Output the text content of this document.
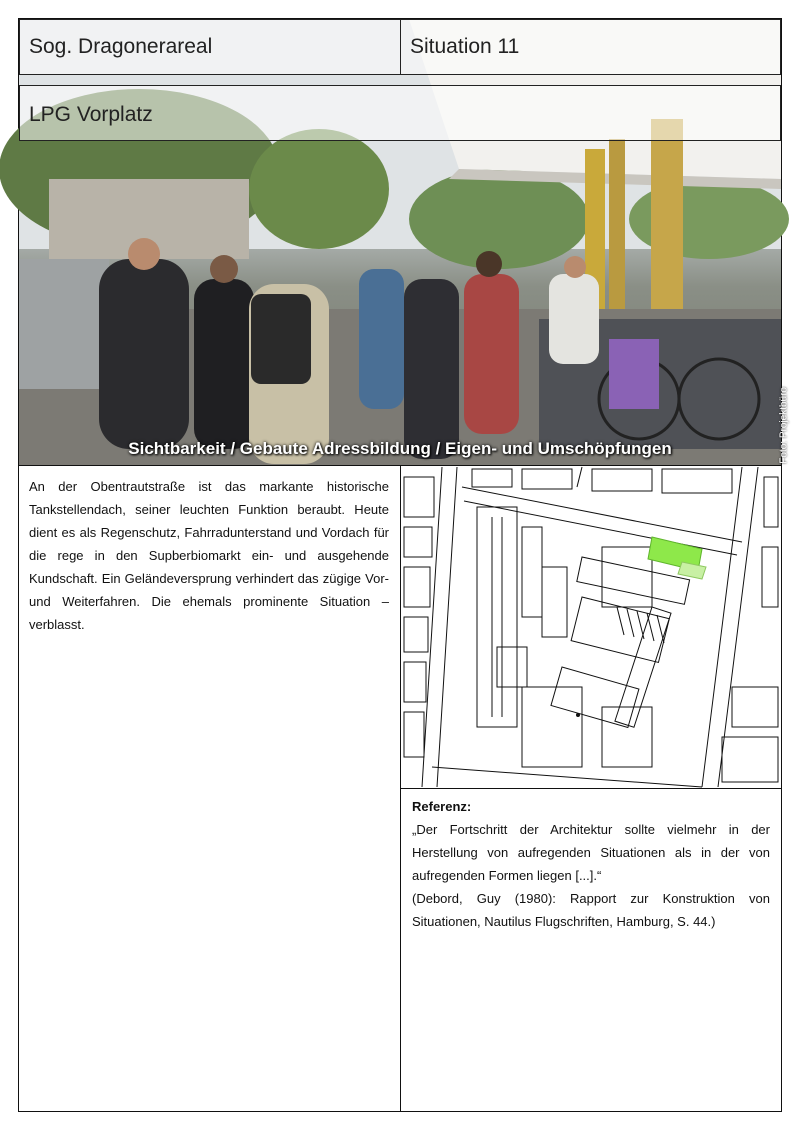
Sog. Dragonerareal	Situation 11
LPG Vorplatz
Sichtbarkeit / Gebaute Adressbildung / Eigen- und Umschöpfungen	Foto: Projektbüro
An der Obentrautstraße ist das markante historische Tankstellendach, seiner leuchten Funktion beraubt. Heute dient es als Regenschutz, Fahrradunterstand und Vordach für die rege in den Supberbiomarkt ein- und ausgehende Kundschaft. Ein Geländeversprung verhindert das zügige Vor- und Weiterfahren. Die ehemals prominente Situation – verblasst.
Referenz:
„Der Fortschritt der Architektur sollte vielmehr in der Herstellung von aufregenden Situationen als in der von aufregenden Formen liegen [...].“
(Debord, Guy (1980): Rapport zur Konstruktion von Situationen, Nautilus Flugschriften, Hamburg, S. 44.)
